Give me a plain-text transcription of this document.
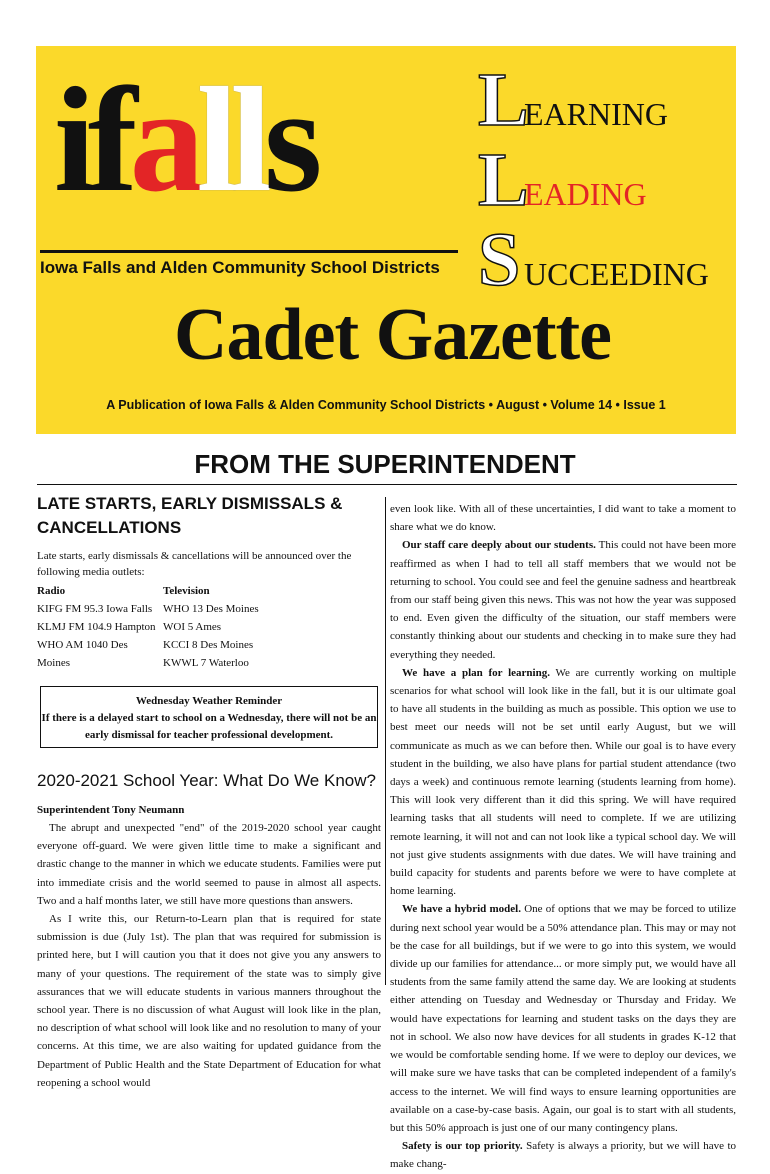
ifalls
Iowa Falls and Alden Community School Districts
L
EARNING
L
EADING
S UCCEEDING
Cadet Gazette
A Publication of Iowa Falls & Alden Community School Districts • August • Volume 14 • Issue 1
FROM THE SUPERINTENDENT
LATE STARTS, EARLY DISMISSALS & CANCELLATIONS
Late starts, early dismissals & cancellations will be announced over the following media outlets:
Radio
KIFG FM 95.3 Iowa Falls
KLMJ FM 104.9 Hampton
WHO AM 1040 Des Moines
Television
WHO 13 Des Moines
WOI 5 Ames
KCCI 8 Des Moines
KWWL 7 Waterloo
Wednesday Weather Reminder
If there is a delayed start to school on a Wednesday, there will not be an early dismissal for teacher professional development.
2020-2021 School Year: What Do We Know?
Superintendent Tony Neumann

The abrupt and unexpected "end" of the 2019-2020 school year caught everyone off-guard. We were given little time to make a significant and drastic change to the manner in which we educate students. Families were put into immediate crisis and the world seemed to pause in almost all aspects. Two and a half months later, we still have more questions than answers.

As I write this, our Return-to-Learn plan that is required for state submission is due (July 1st). The plan that was required for submission is printed here, but I will caution you that it does not give you any answers to many of your questions. The requirement of the state was to simply give assurances that we will educate students in various manners throughout the school year. There is no discussion of what August will look like in the plan, no description of what school will look like and no resolution to many of your concerns. At this time, we are also waiting for updated guidance from the Department of Public Health and the State Department of Education for what reopening a school would

even look like. With all of these uncertainties, I did want to take a moment to share what we do know.

Our staff care deeply about our students. This could not have been more reaffirmed as when I had to tell all staff members that we would not be returning to school. You could see and feel the genuine sadness and heartbreak from our staff being given this news. This was not how the year was supposed to end. Even given the difficulty of the situation, our staff members were constantly thinking about our students and checking in to make sure they had everything they needed.

We have a plan for learning. We are currently working on multiple scenarios for what school will look like in the fall, but it is our ultimate goal to have all students in the building as much as possible. This option we use to best meet our needs will not be set until early August, but we will communicate as much as we can before then. While our goal is to have every student in the building, we also have plans for partial student attendance (two days a week) and continuous remote learning (students learning from home). This will look very different than it did this spring. We will have required learning tasks that all students will need to complete. If we are utilizing remote learning, it will not and can not look like a typical school day. We will not just give students assignments with due dates. We will have training and build capacity for students and parents before we were to have complete at home learning.

We have a hybrid model. One of options that we may be forced to utilize during next school year would be a 50% attendance plan. This may or may not be the case for all buildings, but if we were to go into this system, we would divide up our families for attendance... or more simply put, we would have all students from the same family attend the same day. We are looking at students either attending on Tuesday and Wednesday or Thursday and Friday. We would have expectations for learning and student tasks on the days they are not in school. We also now have devices for all students in grades K-12 that we would be comfortable sending home. If we were to deploy our devices, we will make sure we have tasks that can be completed independent of a family's access to the internet. We will find ways to ensure learning opportunities are available on a case-by-case basis. Again, our goal is to start with all students, but this 50% approach is just one of our many contingency plans.

Safety is our top priority. Safety is always a priority, but we will have to make chang-
